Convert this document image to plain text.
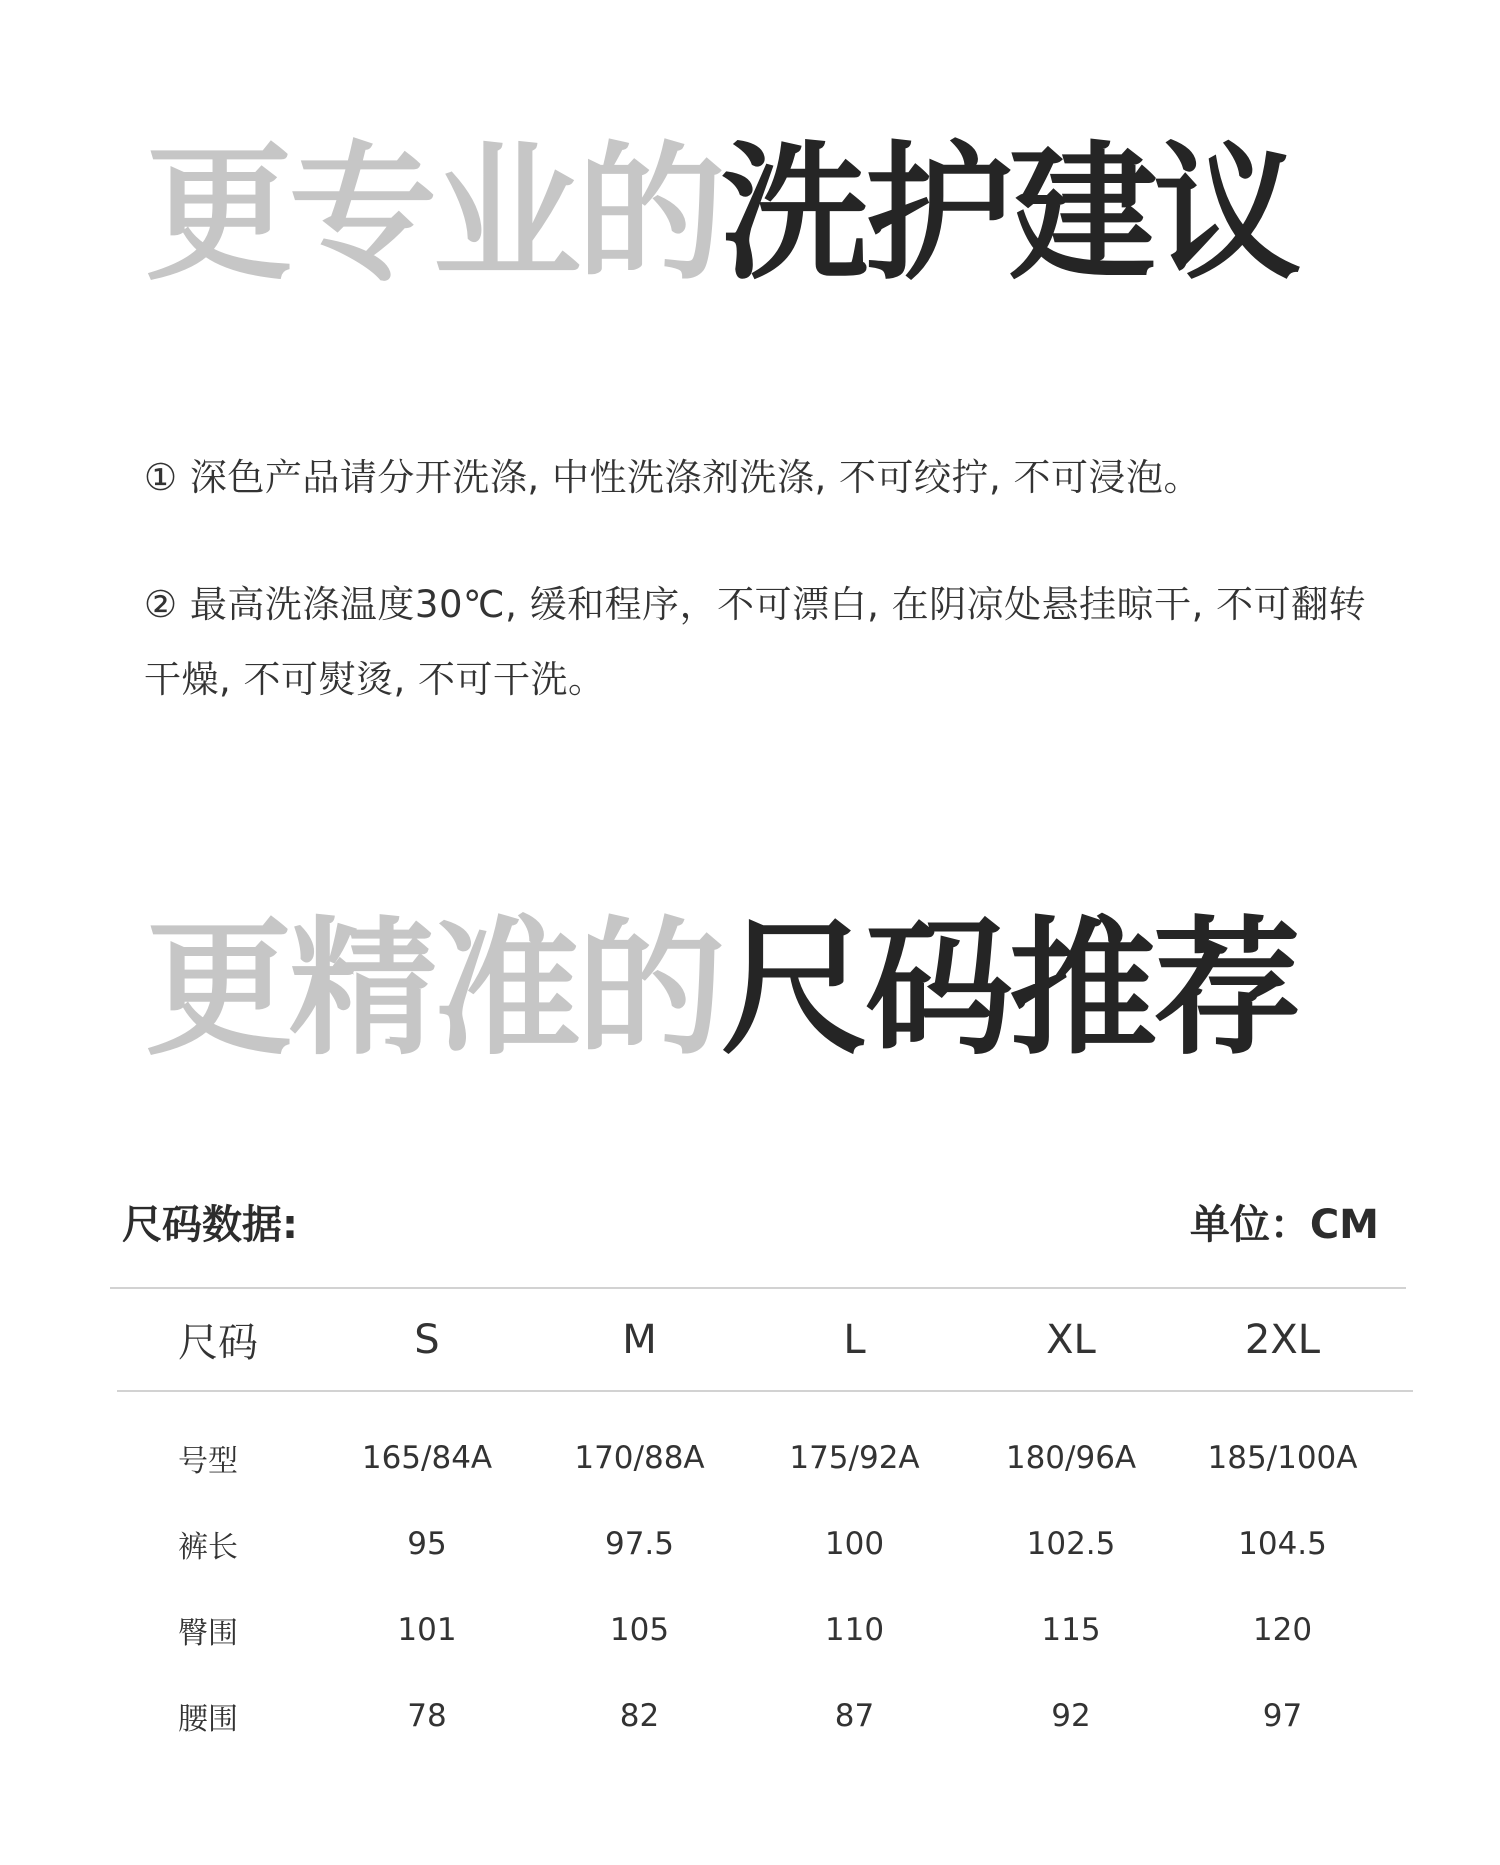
更专业的洗护建议

① 深色产品请分开洗涤, 中性洗涤剂洗涤, 不可绞拧, 不可浸泡。

② 最高洗涤温度30℃, 缓和程序，不可漂白, 在阴凉处悬挂晾干, 不可翻转干燥, 不可熨烫, 不可干洗。

更精准的尺码推荐
尺码数据:	单位：CM
尺码	S	M	L	XL	2XL
号型	165/84A	170/88A	175/92A	180/96A	185/100A
裤长	95	97.5	100	102.5	104.5
臀围	101	105	110	115	120
腰围	78	82	87	92	97
